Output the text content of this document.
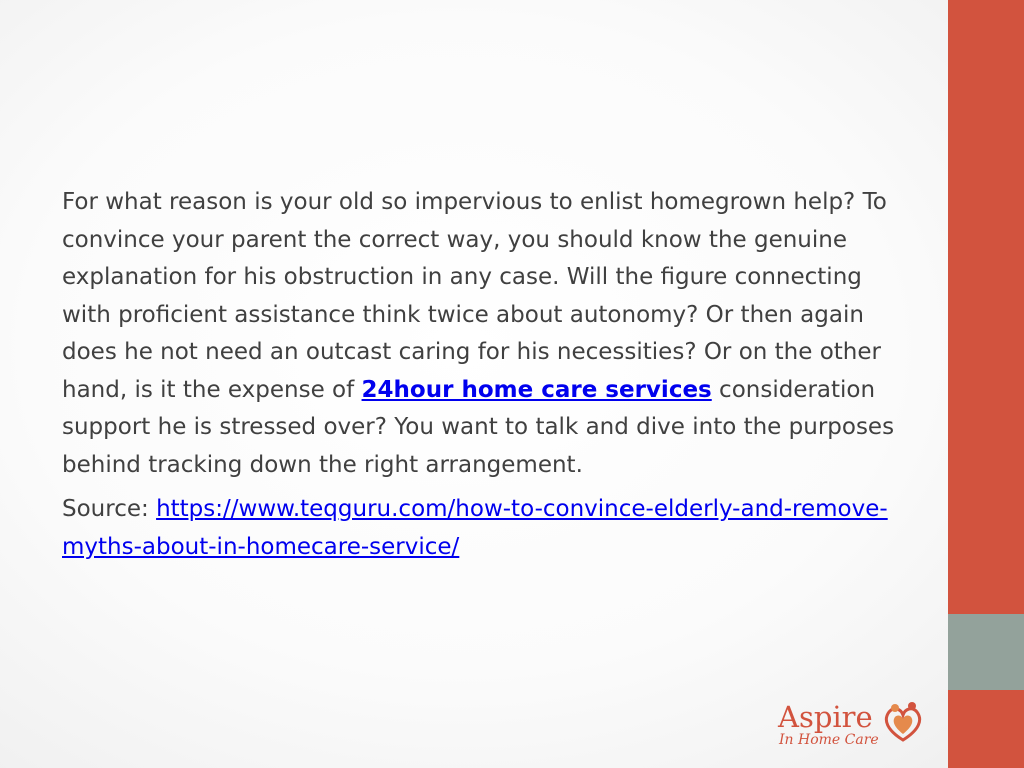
For what reason is your old so impervious to enlist homegrown help? To convince your parent the correct way, you should know the genuine explanation for his obstruction in any case. Will the figure connecting with proficient assistance think twice about autonomy? Or then again does he not need an outcast caring for his necessities? Or on the other hand, is it the expense of 24hour home care services consideration support he is stressed over? You want to talk and dive into the purposes behind tracking down the right arrangement.

Source: https://www.teqguru.com/how-to-convince-elderly-and-remove-myths-about-in-homecare-service/

Aspire
In Home Care
